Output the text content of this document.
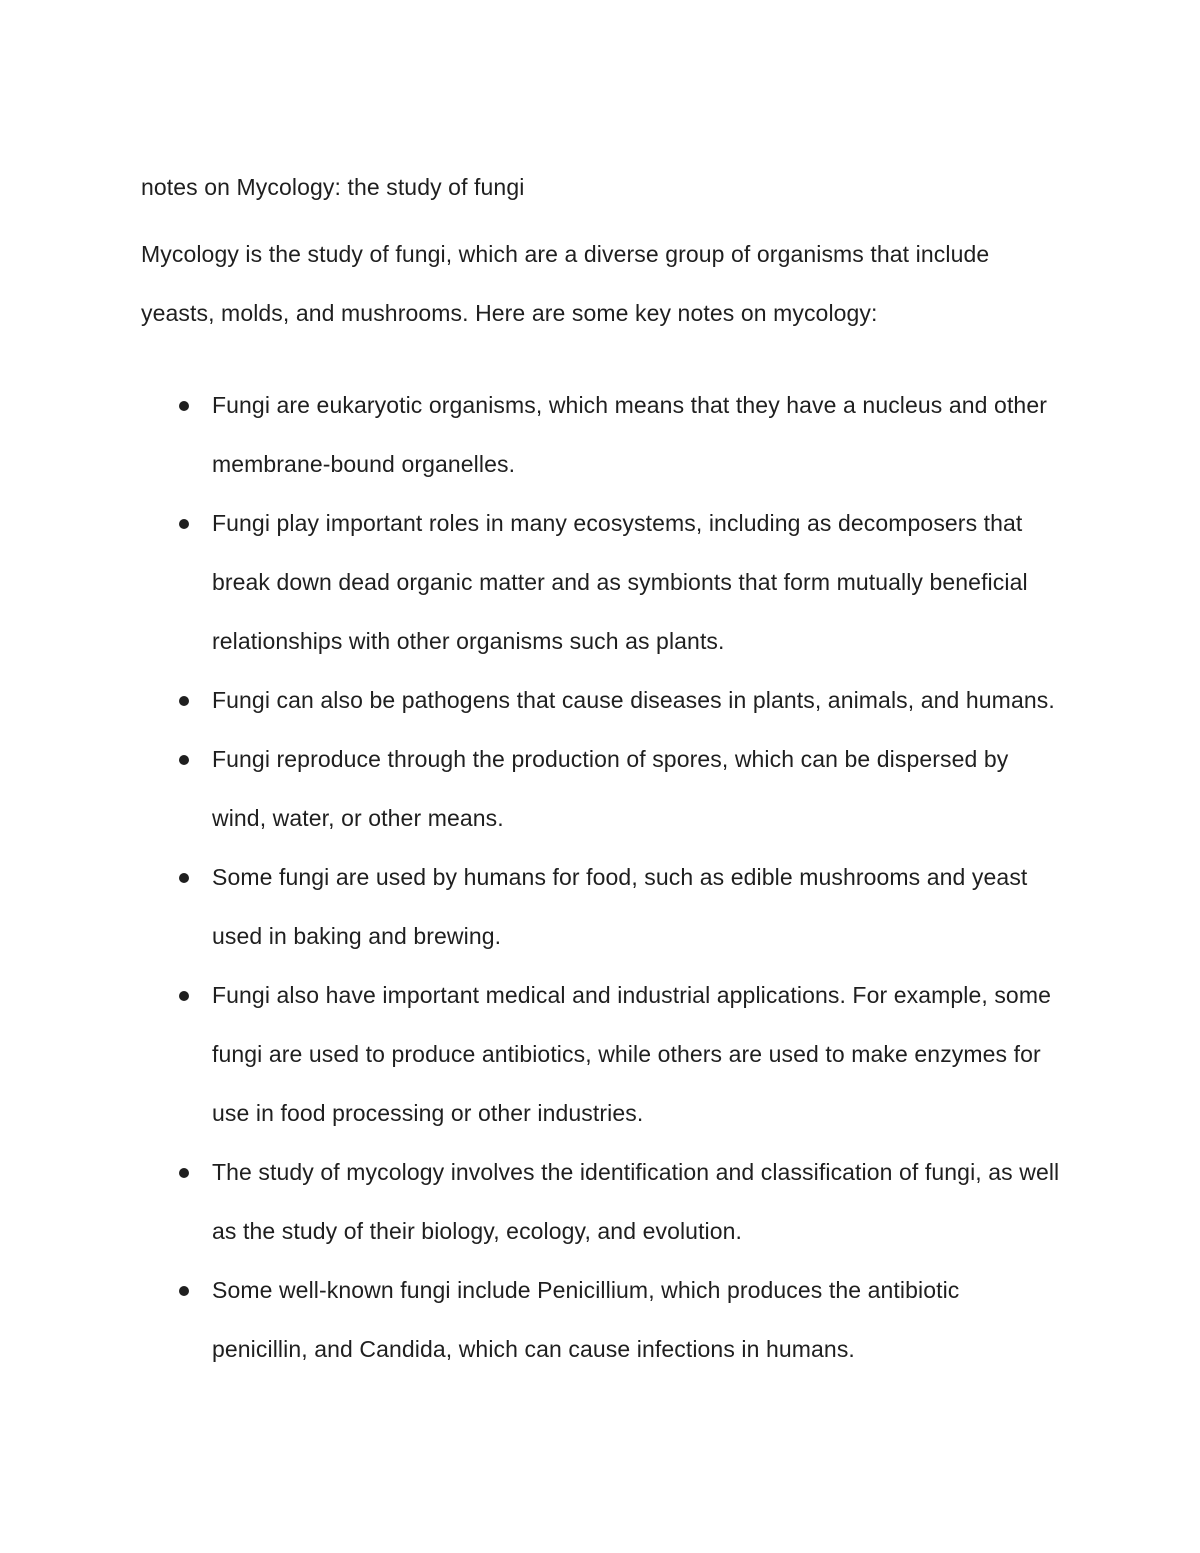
notes on Mycology: the study of fungi

Mycology is the study of fungi, which are a diverse group of organisms that include yeasts, molds, and mushrooms. Here are some key notes on mycology:

Fungi are eukaryotic organisms, which means that they have a nucleus and other membrane-bound organelles.
Fungi play important roles in many ecosystems, including as decomposers that break down dead organic matter and as symbionts that form mutually beneficial relationships with other organisms such as plants.
Fungi can also be pathogens that cause diseases in plants, animals, and humans.
Fungi reproduce through the production of spores, which can be dispersed by wind, water, or other means.
Some fungi are used by humans for food, such as edible mushrooms and yeast used in baking and brewing.
Fungi also have important medical and industrial applications. For example, some fungi are used to produce antibiotics, while others are used to make enzymes for use in food processing or other industries.
The study of mycology involves the identification and classification of fungi, as well as the study of their biology, ecology, and evolution.
Some well-known fungi include Penicillium, which produces the antibiotic penicillin, and Candida, which can cause infections in humans.
